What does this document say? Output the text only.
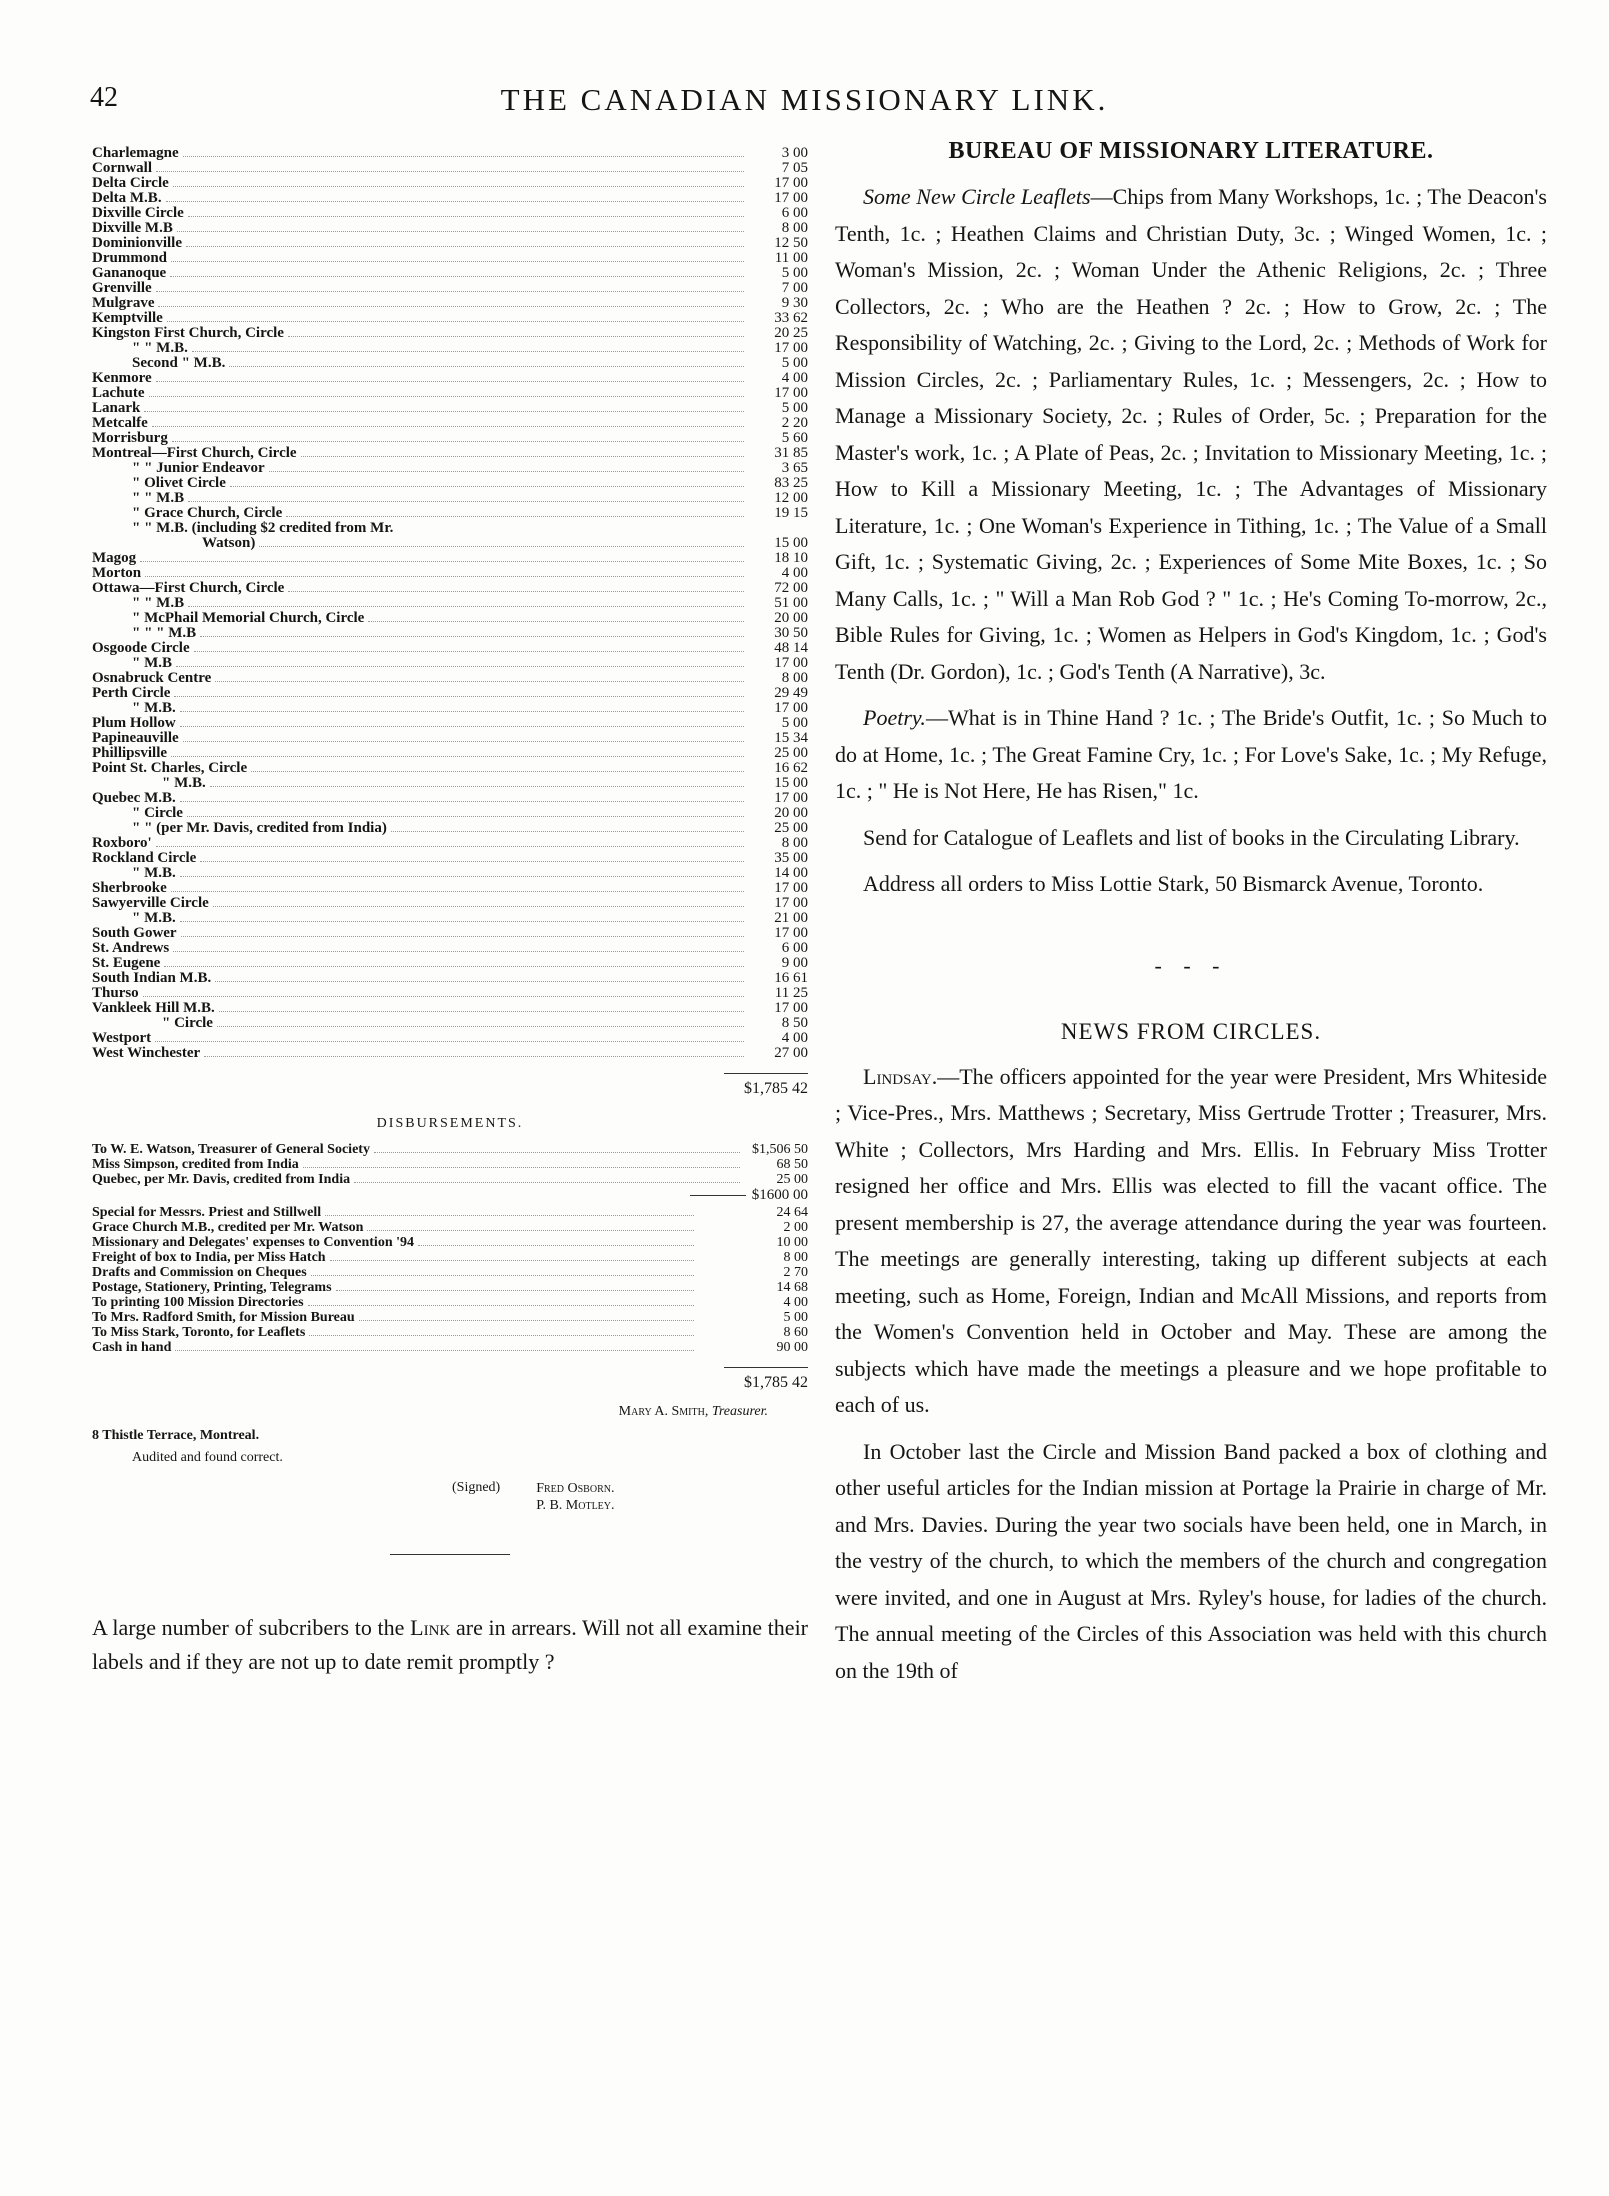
42	THE CANADIAN MISSIONARY LINK.
Charlemagne	3 00
Cornwall	7 05
Delta Circle	17 00
Delta M.B.	17 00
Dixville Circle	6 00
Dixville M.B	8 00
Dominionville	12 50
Drummond	11 00
Gananoque	5 00
Grenville	7 00
Mulgrave	9 30
Kemptville	33 62
Kingston First Church, Circle	20 25
" " M.B.	17 00
Second " M.B.	5 00
Kenmore	4 00
Lachute	17 00
Lanark	5 00
Metcalfe	2 20
Morrisburg	5 60
Montreal—First Church, Circle	31 85
" " Junior Endeavor	3 65
" Olivet Circle	83 25
" " M.B	12 00
" Grace Church, Circle	19 15
" " M.B. (including $2 credited from Mr.
Watson)	15 00
Magog	18 10
Morton	4 00
Ottawa—First Church, Circle	72 00
" " M.B	51 00
" McPhail Memorial Church, Circle	20 00
" " " M.B	30 50
Osgoode Circle	48 14
" M.B	17 00
Osnabruck Centre	8 00
Perth Circle	29 49
" M.B.	17 00
Plum Hollow	5 00
Papineauville	15 34
Phillipsville	25 00
Point St. Charles, Circle	16 62
" M.B.	15 00
Quebec M.B.	17 00
" Circle	20 00
" " (per Mr. Davis, credited from India)	25 00
Roxboro'	8 00
Rockland Circle	35 00
" M.B.	14 00
Sherbrooke	17 00
Sawyerville Circle	17 00
" M.B.	21 00
South Gower	17 00
St. Andrews	6 00
St. Eugene	9 00
South Indian M.B.	16 61
Thurso	11 25
Vankleek Hill M.B.	17 00
" Circle	8 50
Westport	4 00
West Winchester	27 00
$1,785 42
DISBURSEMENTS.
To W. E. Watson, Treasurer of General Society	$1,506 50
Miss Simpson, credited from India	68 50
Quebec, per Mr. Davis, credited from India	25 00
$1600 00
Special for Messrs. Priest and Stillwell	24 64
Grace Church M.B., credited per Mr. Watson	2 00
Missionary and Delegates' expenses to Convention '94	10 00
Freight of box to India, per Miss Hatch	8 00
Drafts and Commission on Cheques	2 70
Postage, Stationery, Printing, Telegrams	14 68
To printing 100 Mission Directories	4 00
To Mrs. Radford Smith, for Mission Bureau	5 00
To Miss Stark, Toronto, for Leaflets	8 60
Cash in hand	90 00
$1,785 42
Mary A. Smith, Treasurer.
8 Thistle Terrace, Montreal.
Audited and found correct.
(Signed)	Fred Osborn.
P. B. Motley.

A large number of subcribers to the Link are in arrears. Will not all examine their labels and if they are not up to date remit promptly ?

BUREAU OF MISSIONARY LITERATURE.

Some New Circle Leaflets—Chips from Many Workshops, 1c. ; The Deacon's Tenth, 1c. ; Heathen Claims and Christian Duty, 3c. ; Winged Women, 1c. ; Woman's Mission, 2c. ; Woman Under the Athenic Religions, 2c. ; Three Collectors, 2c. ; Who are the Heathen ? 2c. ; How to Grow, 2c. ; The Responsibility of Watching, 2c. ; Giving to the Lord, 2c. ; Methods of Work for Mission Circles, 2c. ; Parliamentary Rules, 1c. ; Messengers, 2c. ; How to Manage a Missionary Society, 2c. ; Rules of Order, 5c. ; Preparation for the Master's work, 1c. ; A Plate of Peas, 2c. ; Invitation to Missionary Meeting, 1c. ; How to Kill a Missionary Meeting, 1c. ; The Advantages of Missionary Literature, 1c. ; One Woman's Experience in Tithing, 1c. ; The Value of a Small Gift, 1c. ; Systematic Giving, 2c. ; Experiences of Some Mite Boxes, 1c. ; So Many Calls, 1c. ; " Will a Man Rob God ? " 1c. ; He's Coming To-morrow, 2c., Bible Rules for Giving, 1c. ; Women as Helpers in God's Kingdom, 1c. ; God's Tenth (Dr. Gordon), 1c. ; God's Tenth (A Narrative), 3c.

Poetry.—What is in Thine Hand ? 1c. ; The Bride's Outfit, 1c. ; So Much to do at Home, 1c. ; The Great Famine Cry, 1c. ; For Love's Sake, 1c. ; My Refuge, 1c. ; " He is Not Here, He has Risen," 1c.

Send for Catalogue of Leaflets and list of books in the Circulating Library.

Address all orders to Miss Lottie Stark, 50 Bismarck Avenue, Toronto.

- - -
NEWS FROM CIRCLES.

Lindsay.—The officers appointed for the year were President, Mrs Whiteside ; Vice-Pres., Mrs. Matthews ; Secretary, Miss Gertrude Trotter ; Treasurer, Mrs. White ; Collectors, Mrs Harding and Mrs. Ellis. In February Miss Trotter resigned her office and Mrs. Ellis was elected to fill the vacant office. The present membership is 27, the average attendance during the year was fourteen. The meetings are generally interesting, taking up different subjects at each meeting, such as Home, Foreign, Indian and McAll Missions, and reports from the Women's Convention held in October and May. These are among the subjects which have made the meetings a pleasure and we hope profitable to each of us.

In October last the Circle and Mission Band packed a box of clothing and other useful articles for the Indian mission at Portage la Prairie in charge of Mr. and Mrs. Davies. During the year two socials have been held, one in March, in the vestry of the church, to which the members of the church and congregation were invited, and one in August at Mrs. Ryley's house, for ladies of the church. The annual meeting of the Circles of this Association was held with this church on the 19th of
